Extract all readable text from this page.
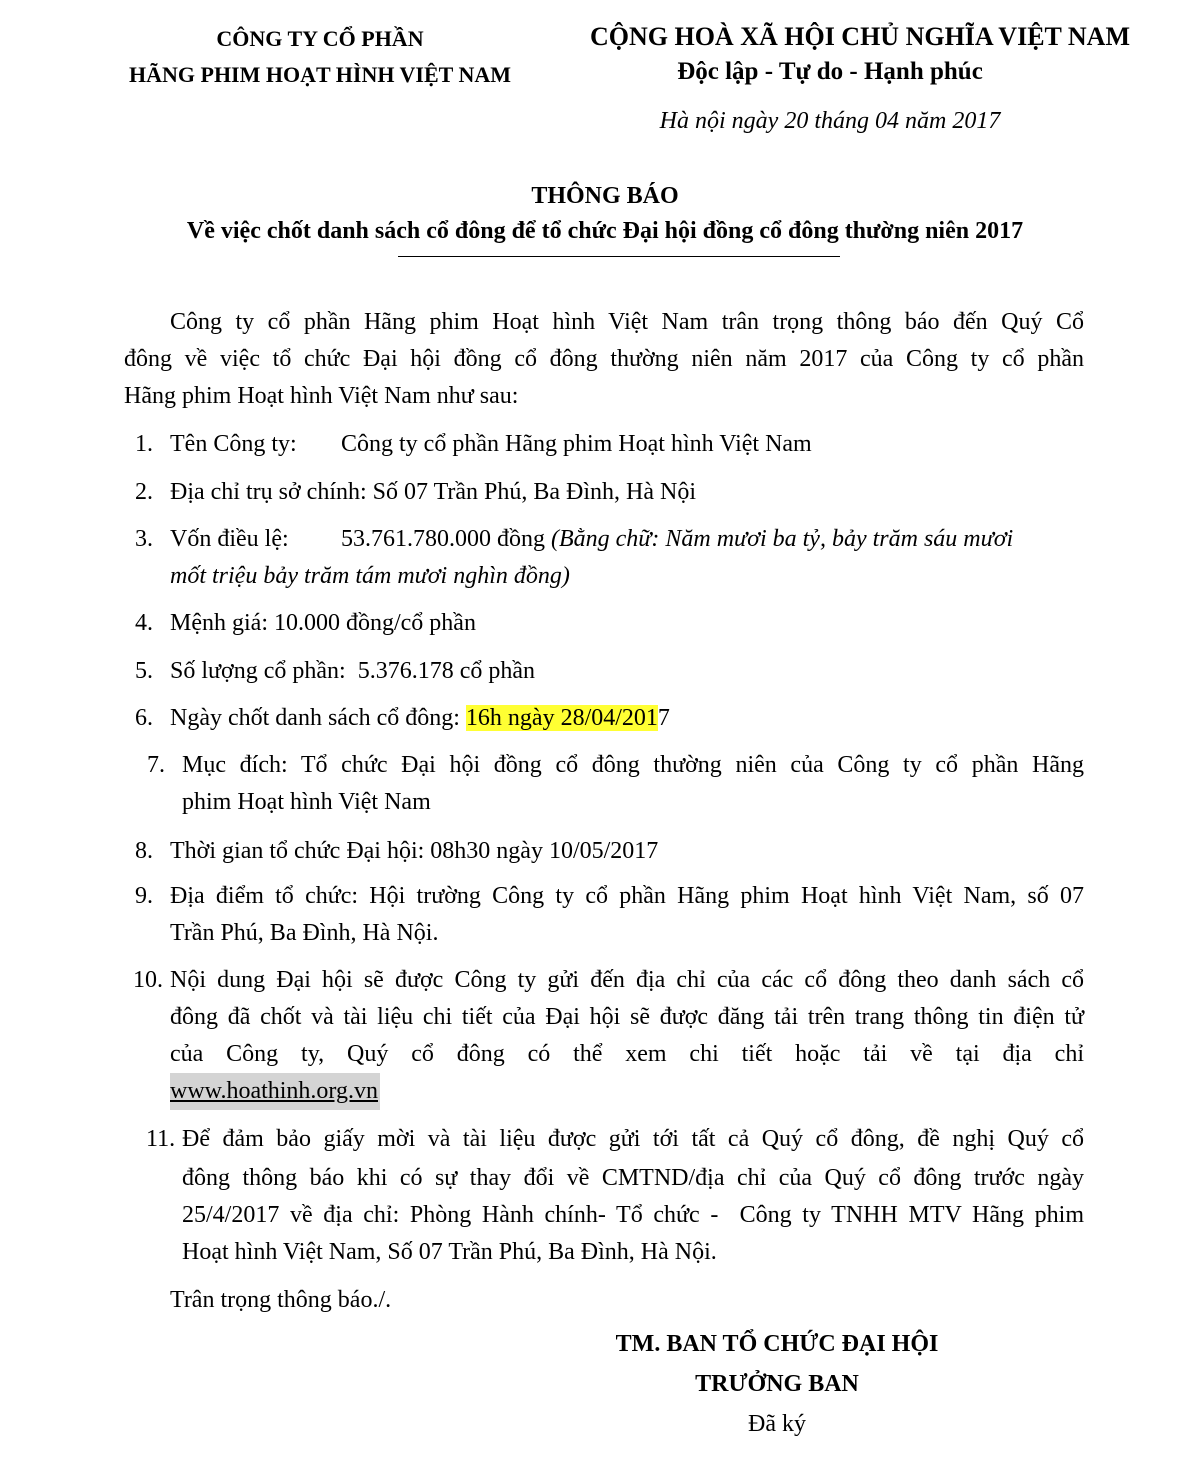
CÔNG TY CỔ PHẦN
HÃNG PHIM HOẠT HÌNH VIỆT NAM
CỘNG HOÀ XÃ HỘI CHỦ NGHĨA VIỆT NAM
Độc lập - Tự do - Hạnh phúc
Hà nội ngày 20 tháng 04 năm 2017
THÔNG BÁO
Về việc chốt danh sách cổ đông để tổ chức Đại hội đồng cổ đông thường niên 2017
Công ty cổ phần Hãng phim Hoạt hình Việt Nam trân trọng thông báo đến Quý Cổ
đông về việc tổ chức Đại hội đồng cổ đông thường niên năm 2017 của Công ty cổ phần
Hãng phim Hoạt hình Việt Nam như sau:
1. Tên Công ty: Công ty cổ phần Hãng phim Hoạt hình Việt Nam
2. Địa chỉ trụ sở chính: Số 07 Trần Phú, Ba Đình, Hà Nội
3. Vốn điều lệ: 53.761.780.000 đồng (Bằng chữ: Năm mươi ba tỷ, bảy trăm sáu mươi
mốt triệu bảy trăm tám mươi nghìn đồng)
4. Mệnh giá: 10.000 đồng/cổ phần
5. Số lượng cổ phần:  5.376.178 cổ phần
6. Ngày chốt danh sách cổ đông: 16h ngày 28/04/2017
7. Mục đích: Tổ chức Đại hội đồng cổ đông thường niên của Công ty cổ phần Hãng
phim Hoạt hình Việt Nam
8. Thời gian tổ chức Đại hội: 08h30 ngày 10/05/2017
9. Địa điểm tổ chức: Hội trường Công ty cổ phần Hãng phim Hoạt hình Việt Nam, số 07
Trần Phú, Ba Đình, Hà Nội.
10. Nội dung Đại hội sẽ được Công ty gửi đến địa chỉ của các cổ đông theo danh sách cổ
đông đã chốt và tài liệu chi tiết của Đại hội sẽ được đăng tải trên trang thông tin điện tử
của Công ty, Quý cổ đông có thể xem chi tiết hoặc tải về tại địa chỉ
www.hoathinh.org.vn
11. Để đảm bảo giấy mời và tài liệu được gửi tới tất cả Quý cổ đông, đề nghị Quý cổ
đông thông báo khi có sự thay đổi về CMTND/địa chỉ của Quý cổ đông trước ngày
25/4/2017 về địa chỉ: Phòng Hành chính- Tổ chức -  Công ty TNHH MTV Hãng phim
Hoạt hình Việt Nam, Số 07 Trần Phú, Ba Đình, Hà Nội.
Trân trọng thông báo./.
TM. BAN TỔ CHỨC ĐẠI HỘI
TRƯỞNG BAN
Đã ký
